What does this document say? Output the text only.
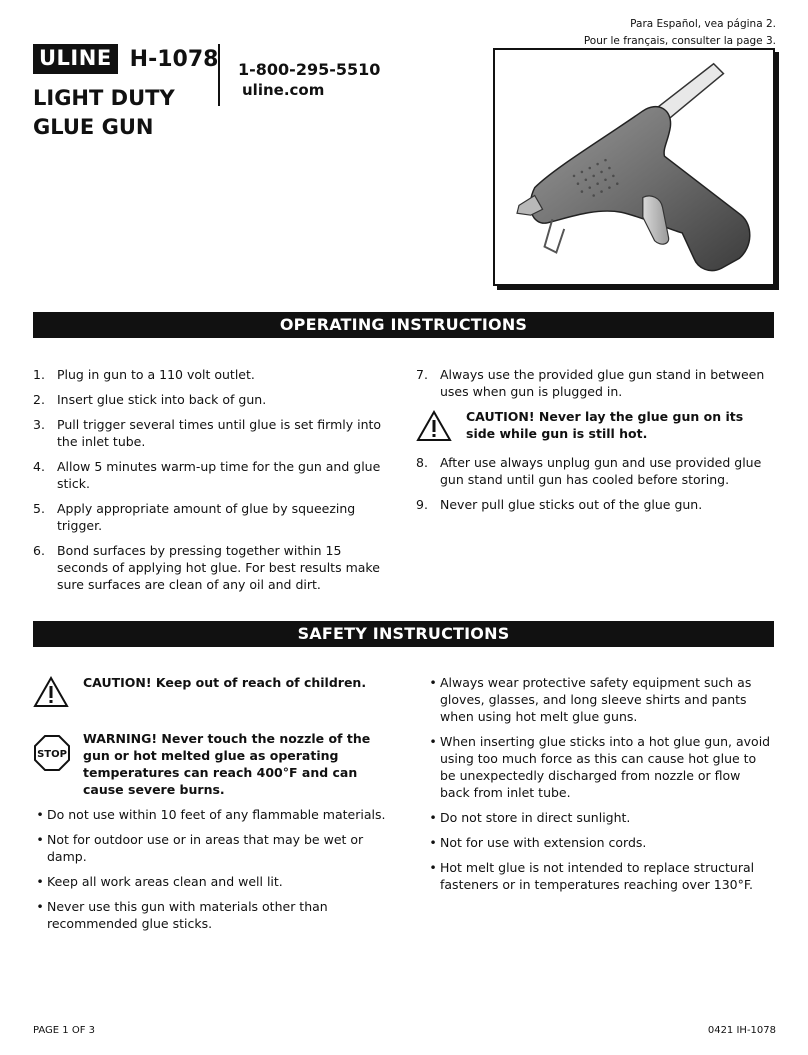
Para Español, vea página 2.
Pour le français, consulter la page 3.
ULINE H-1078
LIGHT DUTY
GLUE GUN
1-800-295-5510
uline.com
OPERATING INSTRUCTIONS
1. Plug in gun to a 110 volt outlet.
2. Insert glue stick into back of gun.
3. Pull trigger several times until glue is set firmly into the inlet tube.
4. Allow 5 minutes warm-up time for the gun and glue stick.
5. Apply appropriate amount of glue by squeezing trigger.
6. Bond surfaces by pressing together within 15 seconds of applying hot glue. For best results make sure surfaces are clean of any oil and dirt.
7. Always use the provided glue gun stand in between uses when gun is plugged in.
CAUTION! Never lay the glue gun on its side while gun is still hot.
8. After use always unplug gun and use provided glue gun stand until gun has cooled before storing.
9. Never pull glue sticks out of the glue gun.
SAFETY INSTRUCTIONS
CAUTION! Keep out of reach of children.
STOP
WARNING! Never touch the nozzle of the gun or hot melted glue as operating temperatures can reach 400°F and can cause severe burns.
• Do not use within 10 feet of any flammable materials.
• Not for outdoor use or in areas that may be wet or damp.
• Keep all work areas clean and well lit.
• Never use this gun with materials other than recommended glue sticks.
• Always wear protective safety equipment such as gloves, glasses, and long sleeve shirts and pants when using hot melt glue guns.
• When inserting glue sticks into a hot glue gun, avoid using too much force as this can cause hot glue to be unexpectedly discharged from nozzle or flow back from inlet tube.
• Do not store in direct sunlight.
• Not for use with extension cords.
• Hot melt glue is not intended to replace structural fasteners or in temperatures reaching over 130°F.
PAGE 1 OF 3	0421 IH-1078
